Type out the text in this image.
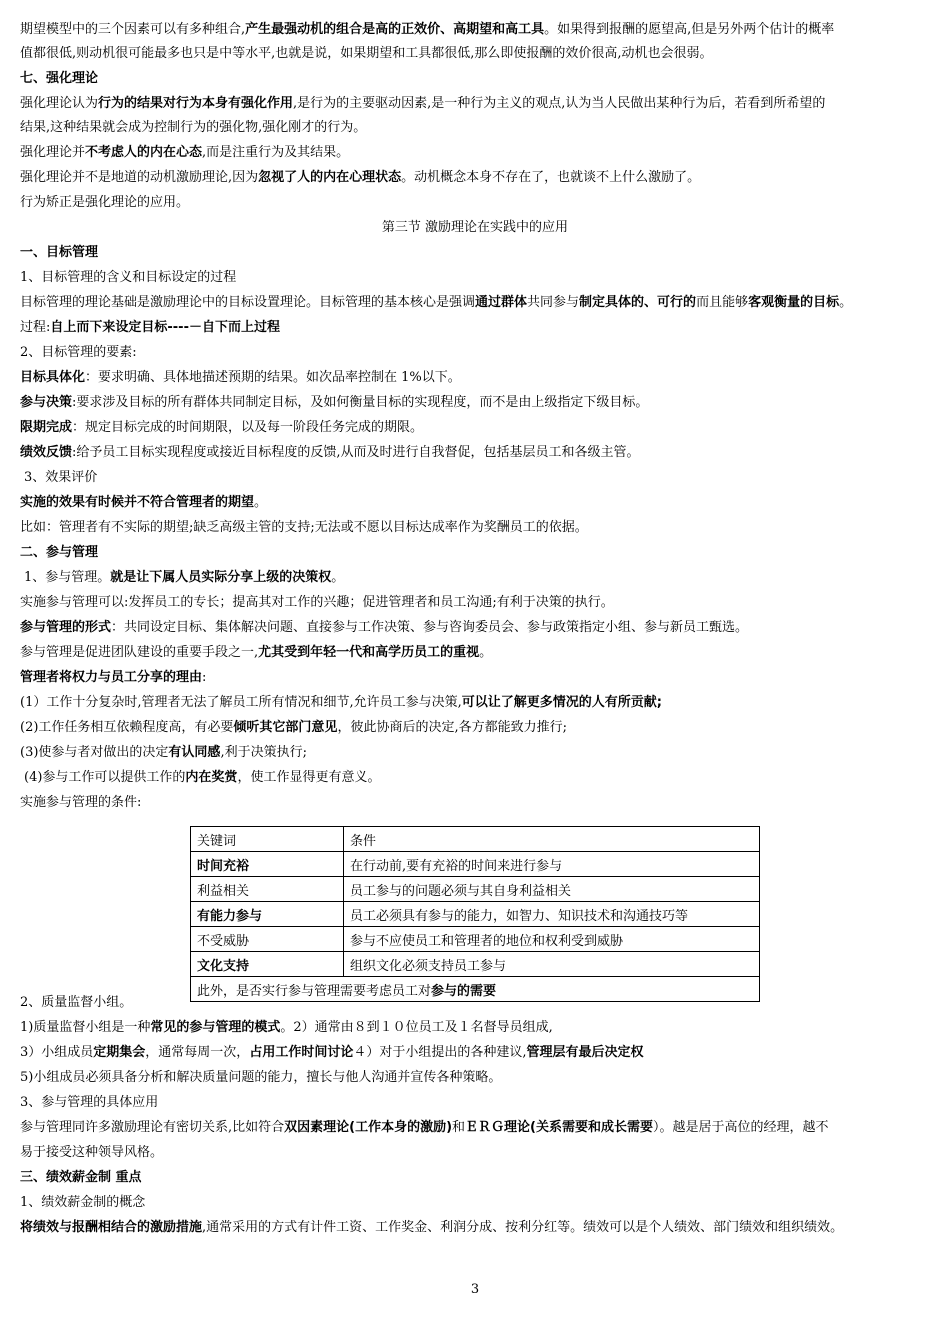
期望模型中的三个因素可以有多种组合,产生最强动机的组合是高的正效价、高期望和高工具。如果得到报酬的愿望高,但是另外两个估计的概率
值都很低,则动机很可能最多也只是中等水平,也就是说，如果期望和工具都很低,那么即使报酬的效价很高,动机也会很弱。
七、强化理论
强化理论认为行为的结果对行为本身有强化作用,是行为的主要驱动因素,是一种行为主义的观点,认为当人民做出某种行为后，若看到所希望的
结果,这种结果就会成为控制行为的强化物,强化刚才的行为。
强化理论并不考虑人的内在心态,而是注重行为及其结果。
强化理论并不是地道的动机激励理论,因为忽视了人的内在心理状态。动机概念本身不存在了，也就谈不上什么激励了。
行为矫正是强化理论的应用。
第三节 激励理论在实践中的应用
一、目标管理
1、目标管理的含义和目标设定的过程
目标管理的理论基础是激励理论中的目标设置理论。目标管理的基本核心是强调通过群体共同参与制定具体的、可行的而且能够客观衡量的目标。
过程:自上而下来设定目标----－自下而上过程
2、目标管理的要素:
目标具体化：要求明确、具体地描述预期的结果。如次品率控制在 1%以下。
参与决策:要求涉及目标的所有群体共同制定目标，及如何衡量目标的实现程度，而不是由上级指定下级目标。
限期完成：规定目标完成的时间期限，以及每一阶段任务完成的期限。
绩效反馈:给予员工目标实现程度或接近目标程度的反馈,从而及时进行自我督促，包括基层员工和各级主管。
3、效果评价
实施的效果有时候并不符合管理者的期望。
比如：管理者有不实际的期望;缺乏高级主管的支持;无法或不愿以目标达成率作为奖酬员工的依据。
二、参与管理
1、参与管理。就是让下属人员实际分享上级的决策权。
实施参与管理可以:发挥员工的专长；提高其对工作的兴趣；促进管理者和员工沟通;有利于决策的执行。
参与管理的形式：共同设定目标、集体解决问题、直接参与工作决策、参与咨询委员会、参与政策指定小组、参与新员工甄选。
参与管理是促进团队建设的重要手段之一,尤其受到年轻一代和高学历员工的重视。
管理者将权力与员工分享的理由:
(1）工作十分复杂时,管理者无法了解员工所有情况和细节,允许员工参与决策,可以让了解更多情况的人有所贡献;
(2)工作任务相互依赖程度高，有必要倾听其它部门意见，彼此协商后的决定,各方都能致力推行;
(3)使参与者对做出的决定有认同感,利于决策执行;
(4)参与工作可以提供工作的内在奖赏，使工作显得更有意义。
实施参与管理的条件:
2、质量监督小组。
1)质量监督小组是一种常见的参与管理的模式。2）通常由８到１０位员工及１名督导员组成,
3）小组成员定期集会，通常每周一次，占用工作时间讨论４）对于小组提出的各种建议,管理层有最后决定权
5)小组成员必须具备分析和解决质量问题的能力，擅长与他人沟通并宣传各种策略。
3、参与管理的具体应用
参与管理同许多激励理论有密切关系,比如符合双因素理论(工作本身的激励)和ＥＲＧ理论(关系需要和成长需要）。越是居于高位的经理，越不
易于接受这种领导风格。
三、绩效薪金制 重点
1、绩效薪金制的概念
将绩效与报酬相结合的激励措施,通常采用的方式有计件工资、工作奖金、利润分成、按利分红等。绩效可以是个人绩效、部门绩效和组织绩效。
关键词	条件
时间充裕	在行动前,要有充裕的时间来进行参与
利益相关	员工参与的问题必须与其自身利益相关
有能力参与	员工必须具有参与的能力，如智力、知识技术和沟通技巧等
不受威胁	参与不应使员工和管理者的地位和权利受到威胁
文化支持	组织文化必须支持员工参与
此外，是否实行参与管理需要考虑员工对参与的需要	
3
